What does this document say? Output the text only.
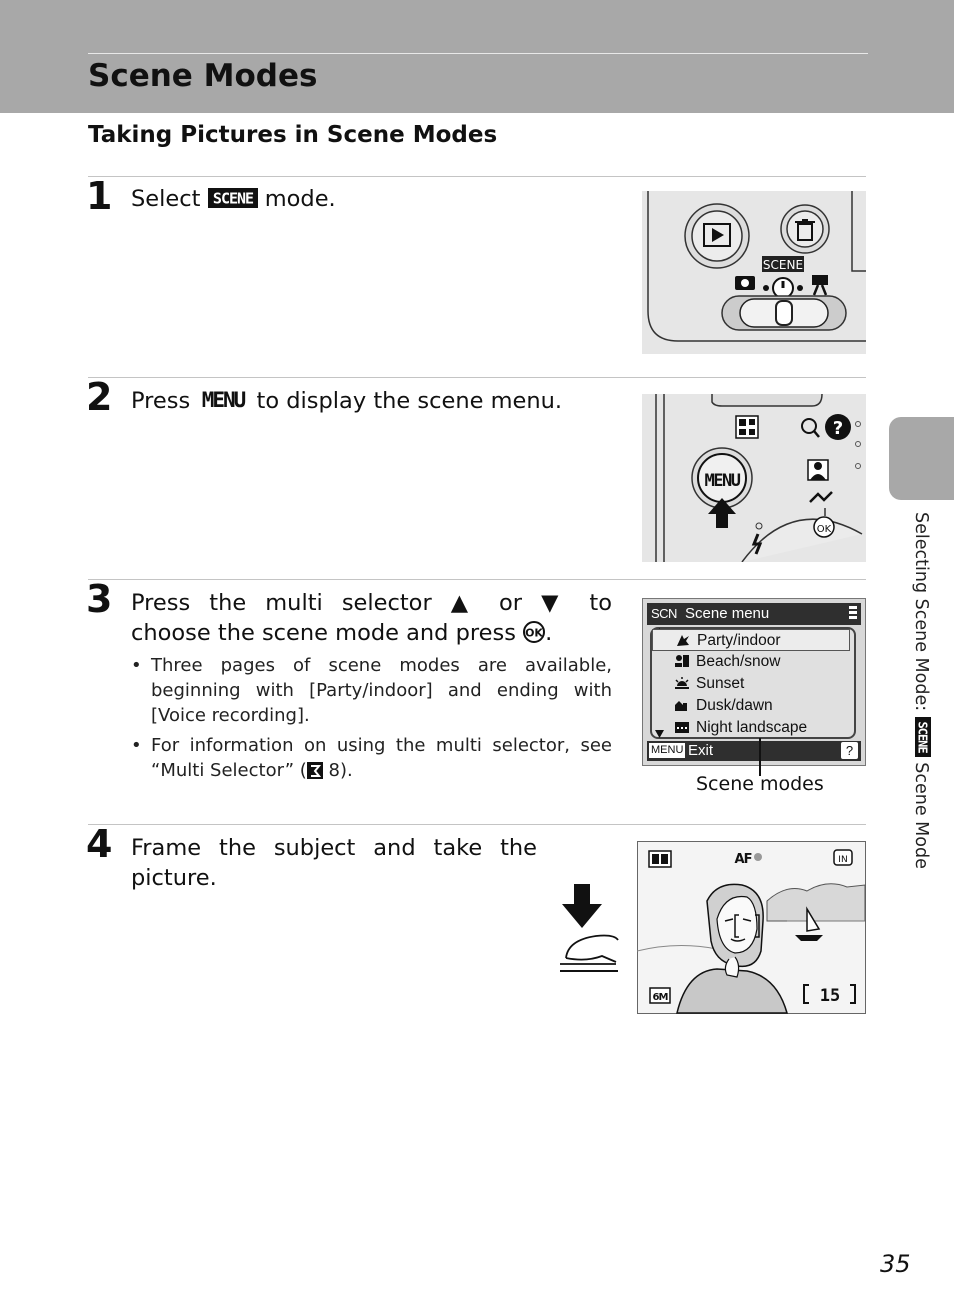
Scene Modes
Taking Pictures in Scene Modes
1 Select SCENE mode.
SCENE
2 Press MENU to display the scene menu.
?
OK
MENU
3 Press the multi selector ▲ or ▼ to
choose the scene mode and press OK .
• Three pages of scene modes are available, beginning with [Party/indoor] and ending with [Voice recording].
• For information on using the multi selector, see “Multi Selector” ( 8).
SCN Scene menu
Party/indoor
Beach/snow
Sunset
Dusk/dawn
Night landscape
MENU Exit	?
Scene modes
4 Frame the subject and take the
picture.
AF	IN
6M	15
Selecting Scene Mode:
SCENE
Scene Mode
35
